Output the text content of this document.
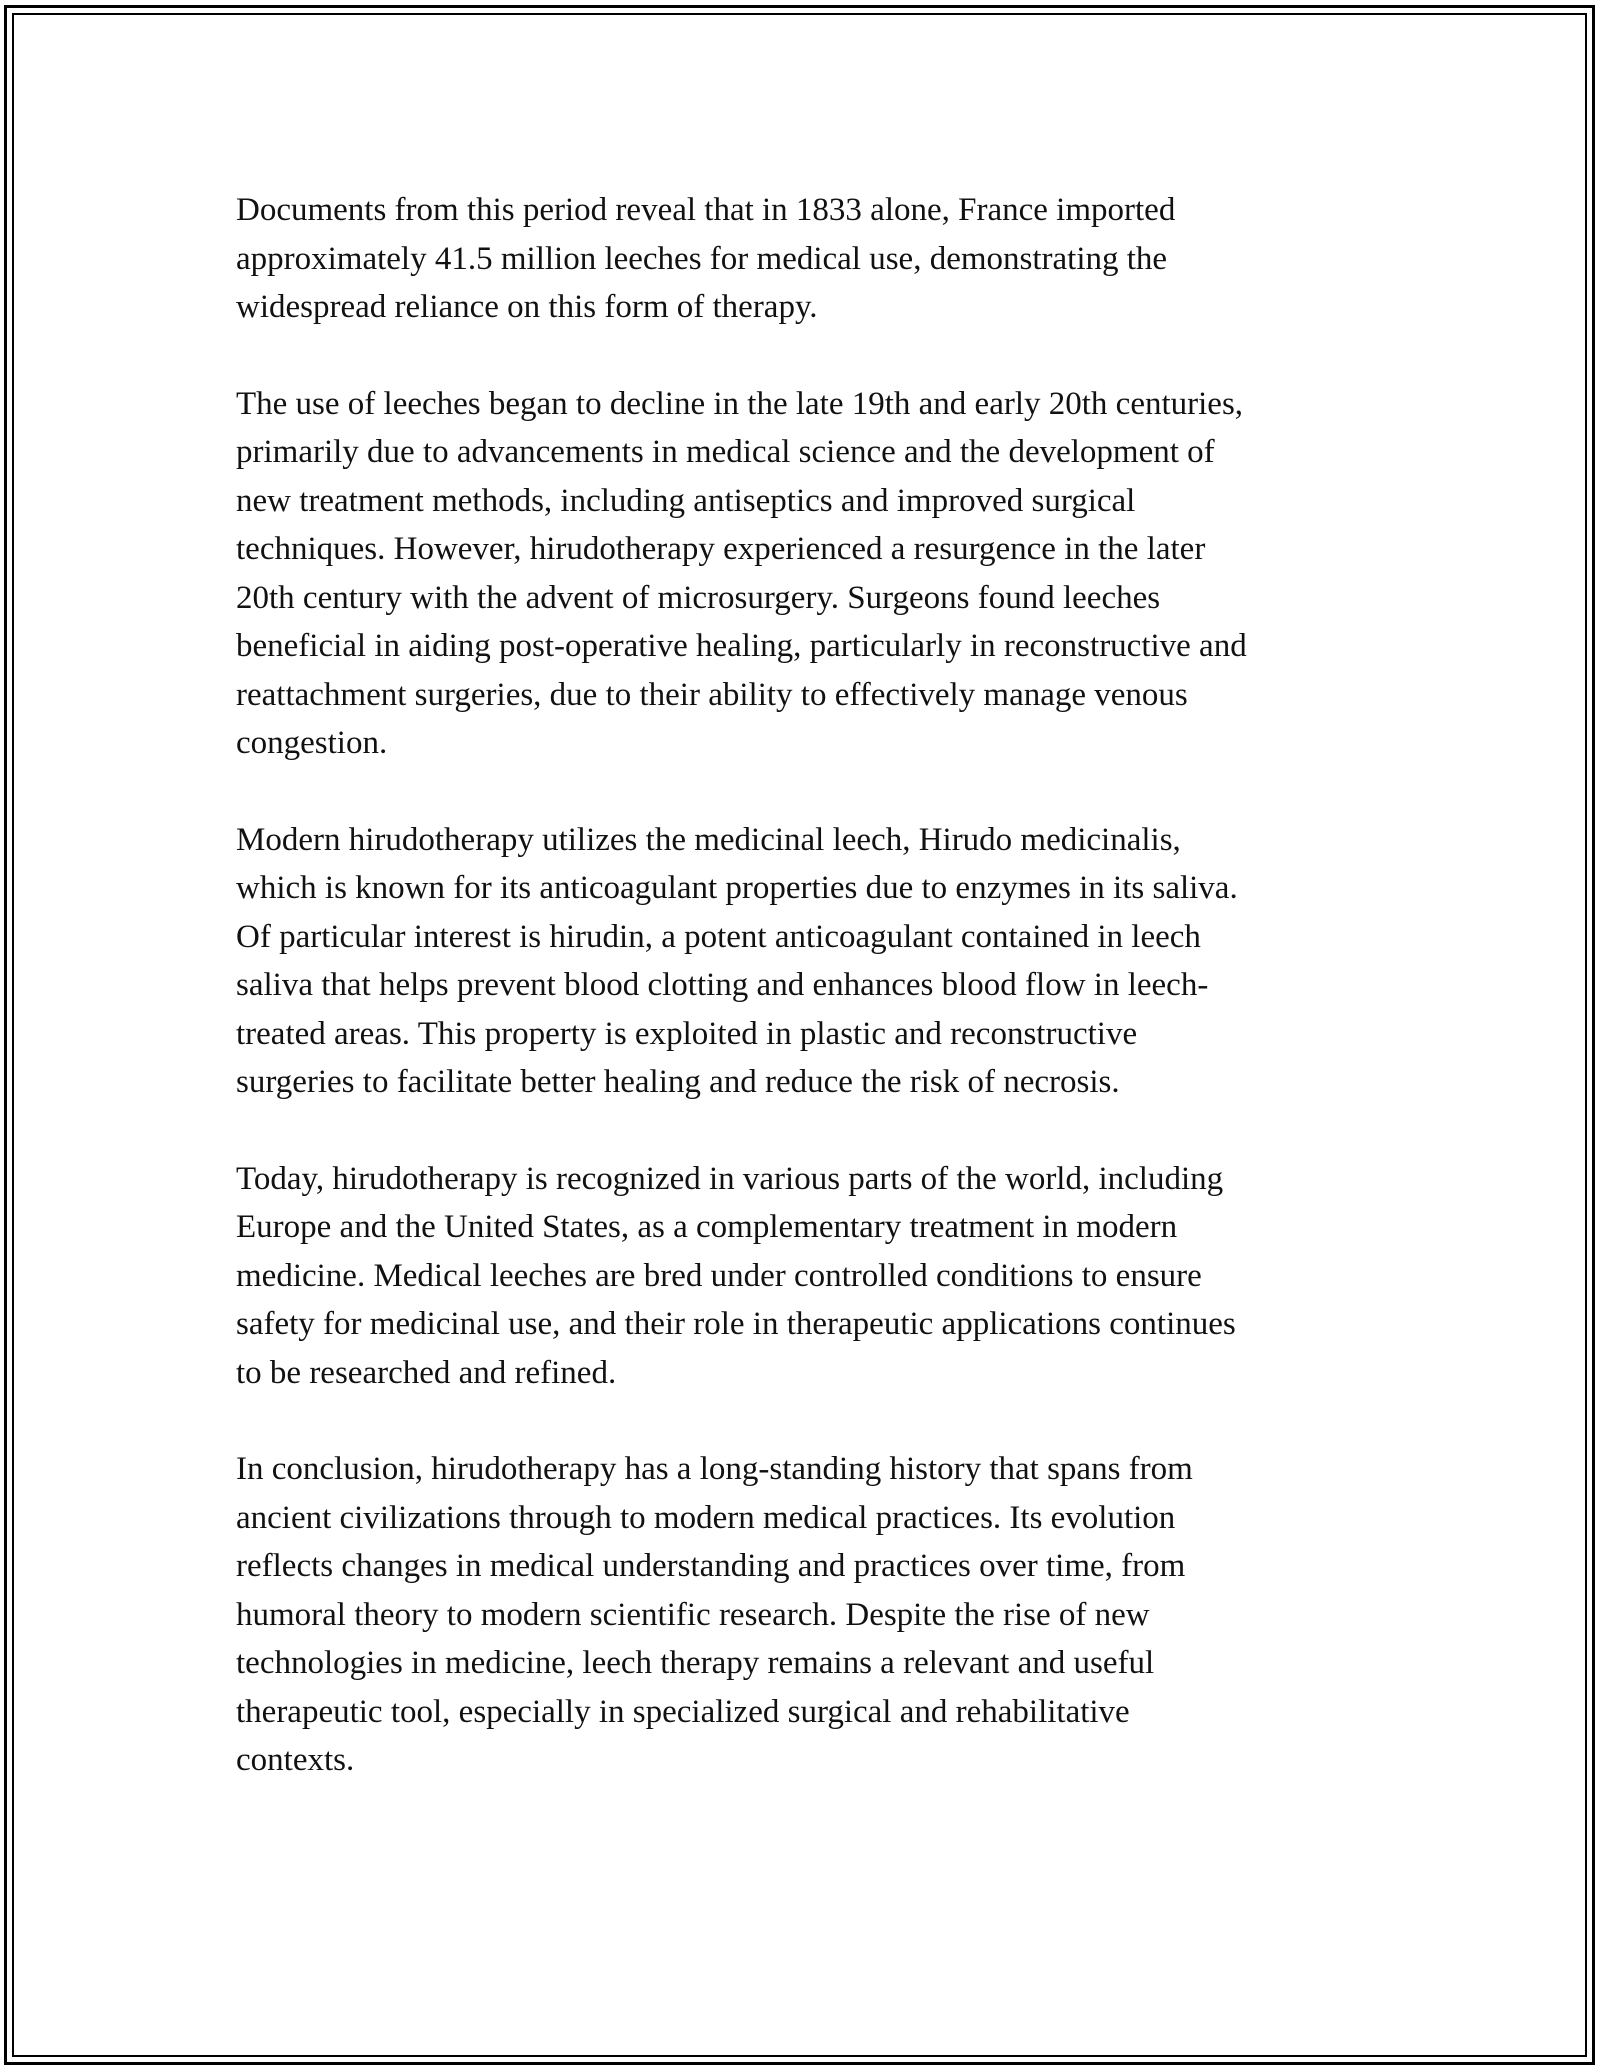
Documents from this period reveal that in 1833 alone, France imported
approximately 41.5 million leeches for medical use, demonstrating the
widespread reliance on this form of therapy.

The use of leeches began to decline in the late 19th and early 20th centuries,
primarily due to advancements in medical science and the development of
new treatment methods, including antiseptics and improved surgical
techniques. However, hirudotherapy experienced a resurgence in the later
20th century with the advent of microsurgery. Surgeons found leeches
beneficial in aiding post-operative healing, particularly in reconstructive and
reattachment surgeries, due to their ability to effectively manage venous
congestion.

Modern hirudotherapy utilizes the medicinal leech, Hirudo medicinalis,
which is known for its anticoagulant properties due to enzymes in its saliva.
Of particular interest is hirudin, a potent anticoagulant contained in leech
saliva that helps prevent blood clotting and enhances blood flow in leech-
treated areas. This property is exploited in plastic and reconstructive
surgeries to facilitate better healing and reduce the risk of necrosis.

Today, hirudotherapy is recognized in various parts of the world, including
Europe and the United States, as a complementary treatment in modern
medicine. Medical leeches are bred under controlled conditions to ensure
safety for medicinal use, and their role in therapeutic applications continues
to be researched and refined.

In conclusion, hirudotherapy has a long-standing history that spans from
ancient civilizations through to modern medical practices. Its evolution
reflects changes in medical understanding and practices over time, from
humoral theory to modern scientific research. Despite the rise of new
technologies in medicine, leech therapy remains a relevant and useful
therapeutic tool, especially in specialized surgical and rehabilitative
contexts.
